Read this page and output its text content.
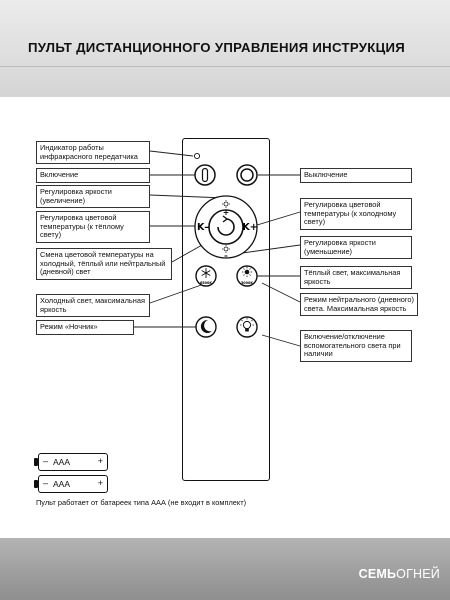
ПУЛЬТ ДИСТАНЦИОННОГО УПРАВЛЕНИЯ ИНСТРУКЦИЯ
Индикатор работы инфракрасного передатчика
Включение
Регулировка яркости (увеличение)
Регулировка цветовой температуры (к тёплому свету)
Смена цветовой температуры на холодный, тёплый или нейтральный (дневной) свет
Холодный свет, максимальная яркость
Режим «Ночник»
Выключение
Регулировка цветовой температуры (к холодному свету)
Регулировка яркости (уменьшение)
Тёплый свет, максимальная яркость
Режим нейтрального (дневного) света. Максимальная яркость
Включение/отключение вспомогательного света при наличии
+
–
K–	K+
6500K	3000K
– AAA	+
– AAA	+
Пульт работает от батареек типа ААА (не входит в комплект)
СЕМЬОГНЕЙ
